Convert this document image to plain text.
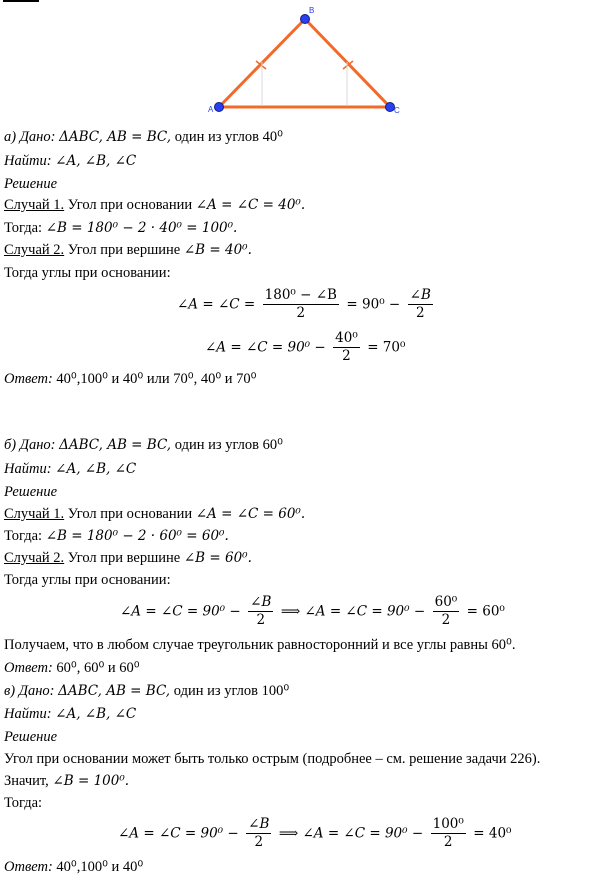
A
B
C
а) Дано: ΔABC, AB = BC, один из углов 40⁰
Найти: ∠A, ∠B, ∠C
Решение
Случай 1. Угол при основании ∠A = ∠C = 40⁰.
Тогда: ∠B = 180⁰ − 2 · 40⁰ = 100⁰.
Случай 2. Угол при вершине ∠B = 40⁰.
Тогда углы при основании:
∠A = ∠C = $\frac{\text{180⁰ − ∠B}}{2} = 90^0 - \frac{\angle B}{2}$
∠A = ∠C = $90^0 - \frac{\text{40⁰}}{2} = 70^0$
Ответ: 40⁰,100⁰ и 40⁰ или 70⁰, 40⁰ и 70⁰
б) Дано: ΔABC, AB = BC, один из углов 60⁰
Найти: ∠A, ∠B, ∠C
Решение
Случай 1. Угол при основании ∠A = ∠C = 60⁰.
Тогда: ∠B = 180⁰ − 2 · 60⁰ = 60⁰.
Случай 2. Угол при вершине ∠B = 60⁰.
Тогда углы при основании:
∠A = ∠C = $90^0 - \frac{\angle B}{2}$ ⟹ ∠A = ∠C = $90^0 - \frac{\text{60⁰}}{2} = 60^0$
Получаем, что в любом случае треугольник равносторонний и все углы равны 60⁰.
Ответ: 60⁰, 60⁰ и 60⁰
в) Дано: ΔABC, AB = BC, один из углов 100⁰
Найти: ∠A, ∠B, ∠C
Решение
Угол при основании может быть только острым (подробнее – см. решение задачи 226).
Значит, ∠B = 100⁰.
Тогда:
∠A = ∠C = $90^0 - \frac{\angle B}{2}$ ⟹ ∠A = ∠C = $90^0 - \frac{\text{100⁰}}{2} = 40^0$
Ответ: 40⁰,100⁰ и 40⁰
